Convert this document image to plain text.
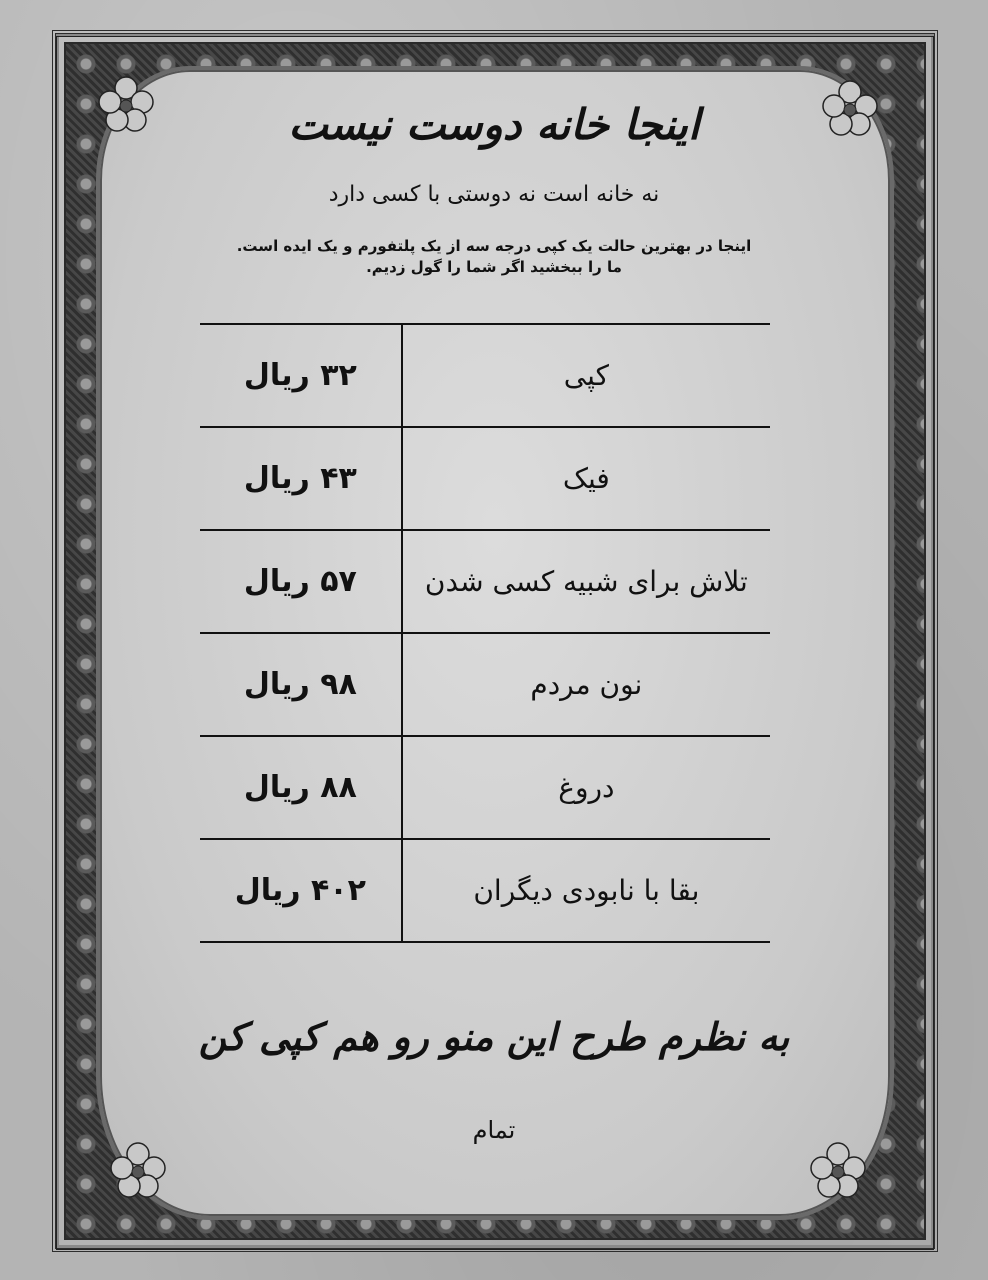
اینجا خانه دوست نیست
نه خانه است نه دوستی با کسی دارد
اینجا در بهترین حالت یک کپی درجه سه از یک پلتفورم و یک ایده است.
ما را ببخشید اگر شما را گول زدیم.
کپی	۳۲ ریال
فیک	۴۳ ریال
تلاش برای شبیه کسی شدن	۵۷ ریال
نون مردم	۹۸ ریال
دروغ	۸۸ ریال
بقا با نابودی دیگران	۴۰۲ ریال
به نظرم طرح این منو رو هم کپی کن
تمام
